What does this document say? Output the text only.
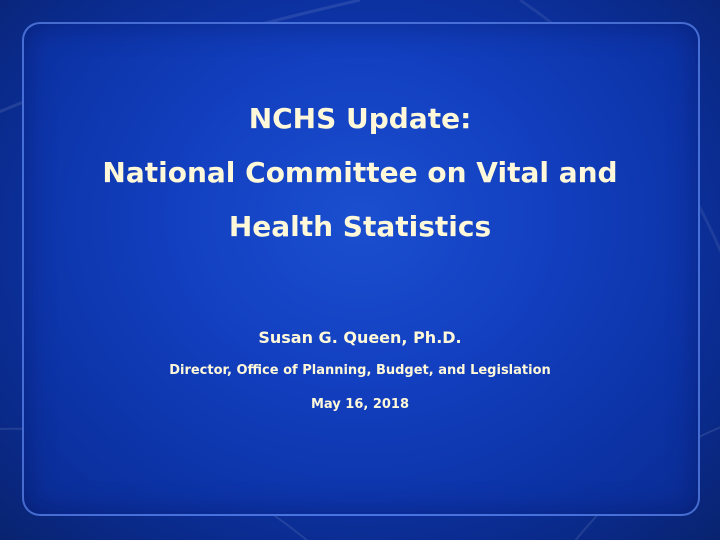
NCHS Update:
National Committee on Vital and
Health Statistics

Susan G. Queen, Ph.D.

Director, Office of Planning, Budget, and Legislation

May 16, 2018
